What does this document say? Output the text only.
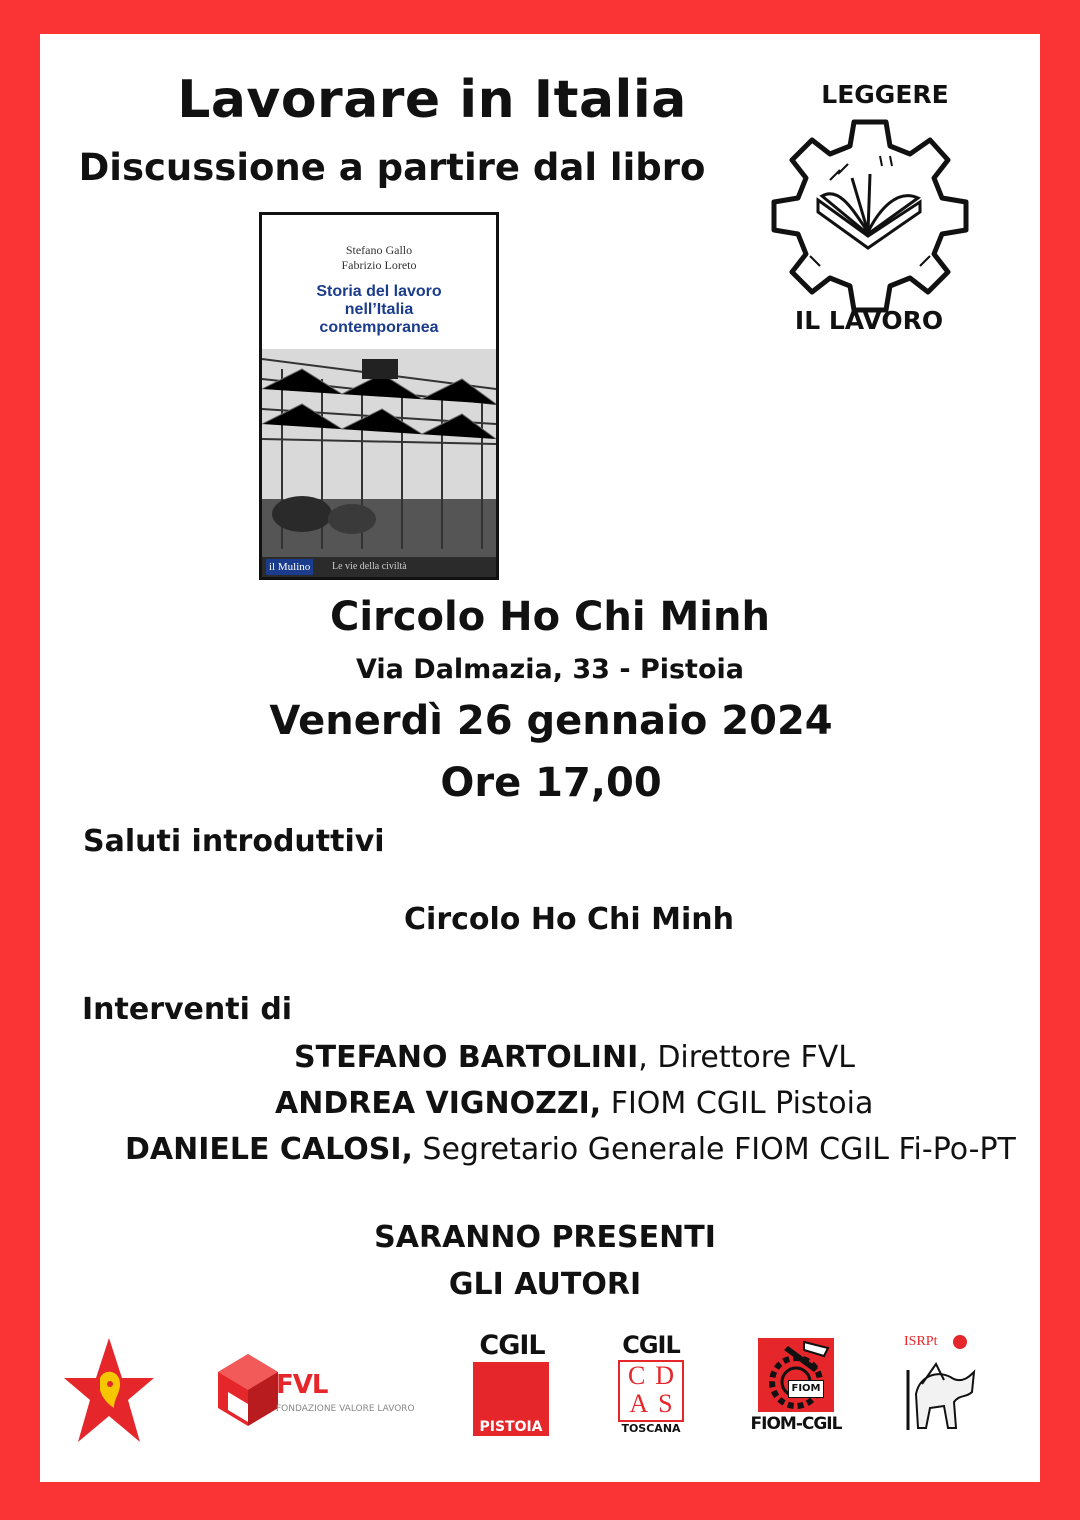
Lavorare in Italia
Discussione a partire dal libro
LEGGERE
IL LAVORO
Stefano Gallo
Fabrizio Loreto
Storia del lavoro
nell’Italia
contemporanea
il Mulino	Le vie della civiltà
Circolo Ho Chi Minh
Via Dalmazia, 33 - Pistoia
Venerdì 26 gennaio 2024
Ore 17,00
Saluti introduttivi
Circolo Ho Chi Minh
Interventi di
STEFANO BARTOLINI, Direttore FVL
ANDREA VIGNOZZI, FIOM CGIL Pistoia
DANIELE CALOSI, Segretario Generale FIOM CGIL Fi-Po-PT
SARANNO PRESENTI
GLI AUTORI
FVL
FONDAZIONE VALORE LAVORO
CGIL
PISTOIA
CGIL
C D
A S
TOSCANA
FIOM
FIOM-CGIL
ISRPt
